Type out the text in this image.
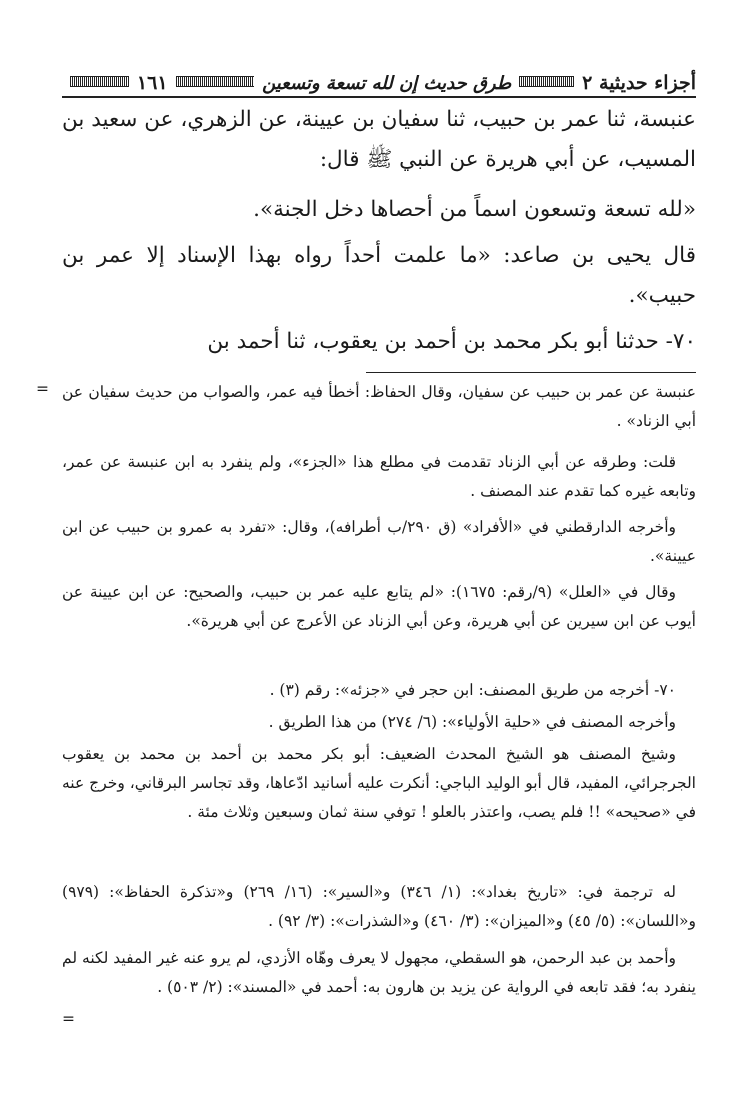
أجزاء حديثية ٢
طرق حديث إن لله تسعة وتسعين
١٦١
عنبسة، ثنا عمر بن حبيب، ثنا سفيان بن عيينة، عن الزهري، عن سعيد بن المسيب، عن أبي هريرة عن النبي ﷺ قال:
«لله تسعة وتسعون اسماً من أحصاها دخل الجنة».
قال يحيى بن صاعد: «ما علمت أحداً رواه بهذا الإسناد إلا عمر بن حبيب».
٧٠- حدثنا أبو بكر محمد بن أحمد بن يعقوب، ثنا أحمد بن
= عنبسة عن عمر بن حبيب عن سفيان، وقال الحفاظ: أخطأ فيه عمر، والصواب من حديث سفيان عن أبي الزناد» .

قلت: وطرقه عن أبي الزناد تقدمت في مطلع هذا «الجزء»، ولم ينفرد به ابن عنبسة عن عمر، وتابعه غيره كما تقدم عند المصنف .

وأخرجه الدارقطني في «الأفراد» (ق ٢٩٠/ب أطرافه)، وقال: «تفرد به عمرو بن حبيب عن ابن عيينة».

وقال في «العلل» (٩/رقم: ١٦٧٥): «لم يتابع عليه عمر بن حبيب، والصحيح: عن ابن عيينة عن أيوب عن ابن سيرين عن أبي هريرة، وعن أبي الزناد عن الأعرج عن أبي هريرة».

٧٠- أخرجه من طريق المصنف: ابن حجر في «جزئه»: رقم (٣) .

وأخرجه المصنف في «حلية الأولياء»: (٦/ ٢٧٤) من هذا الطريق .

وشيخ المصنف هو الشيخ المحدث الضعيف: أبو بكر محمد بن أحمد بن محمد بن يعقوب الجرجرائي، المفيد، قال أبو الوليد الباجي: أنكرت عليه أسانيد ادّعاها، وقد تجاسر البرقاني، وخرج عنه في «صحيحه» !! فلم يصب، واعتذر بالعلو ! توفي سنة ثمان وسبعين وثلاث مئة .

له ترجمة في: «تاريخ بغداد»: (١/ ٣٤٦) و«السير»: (١٦/ ٢٦٩) و«تذكرة الحفاظ»: (٩٧٩) و«اللسان»: (٥/ ٤٥) و«الميزان»: (٣/ ٤٦٠) و«الشذرات»: (٣/ ٩٢) .

وأحمد بن عبد الرحمن، هو السقطي، مجهول لا يعرف وهّاه الأزدي، لم يرو عنه غير المفيد لكنه لم ينفرد به؛ فقد تابعه في الرواية عن يزيد بن هارون به: أحمد في «المسند»: (٢/ ٥٠٣) .

=
